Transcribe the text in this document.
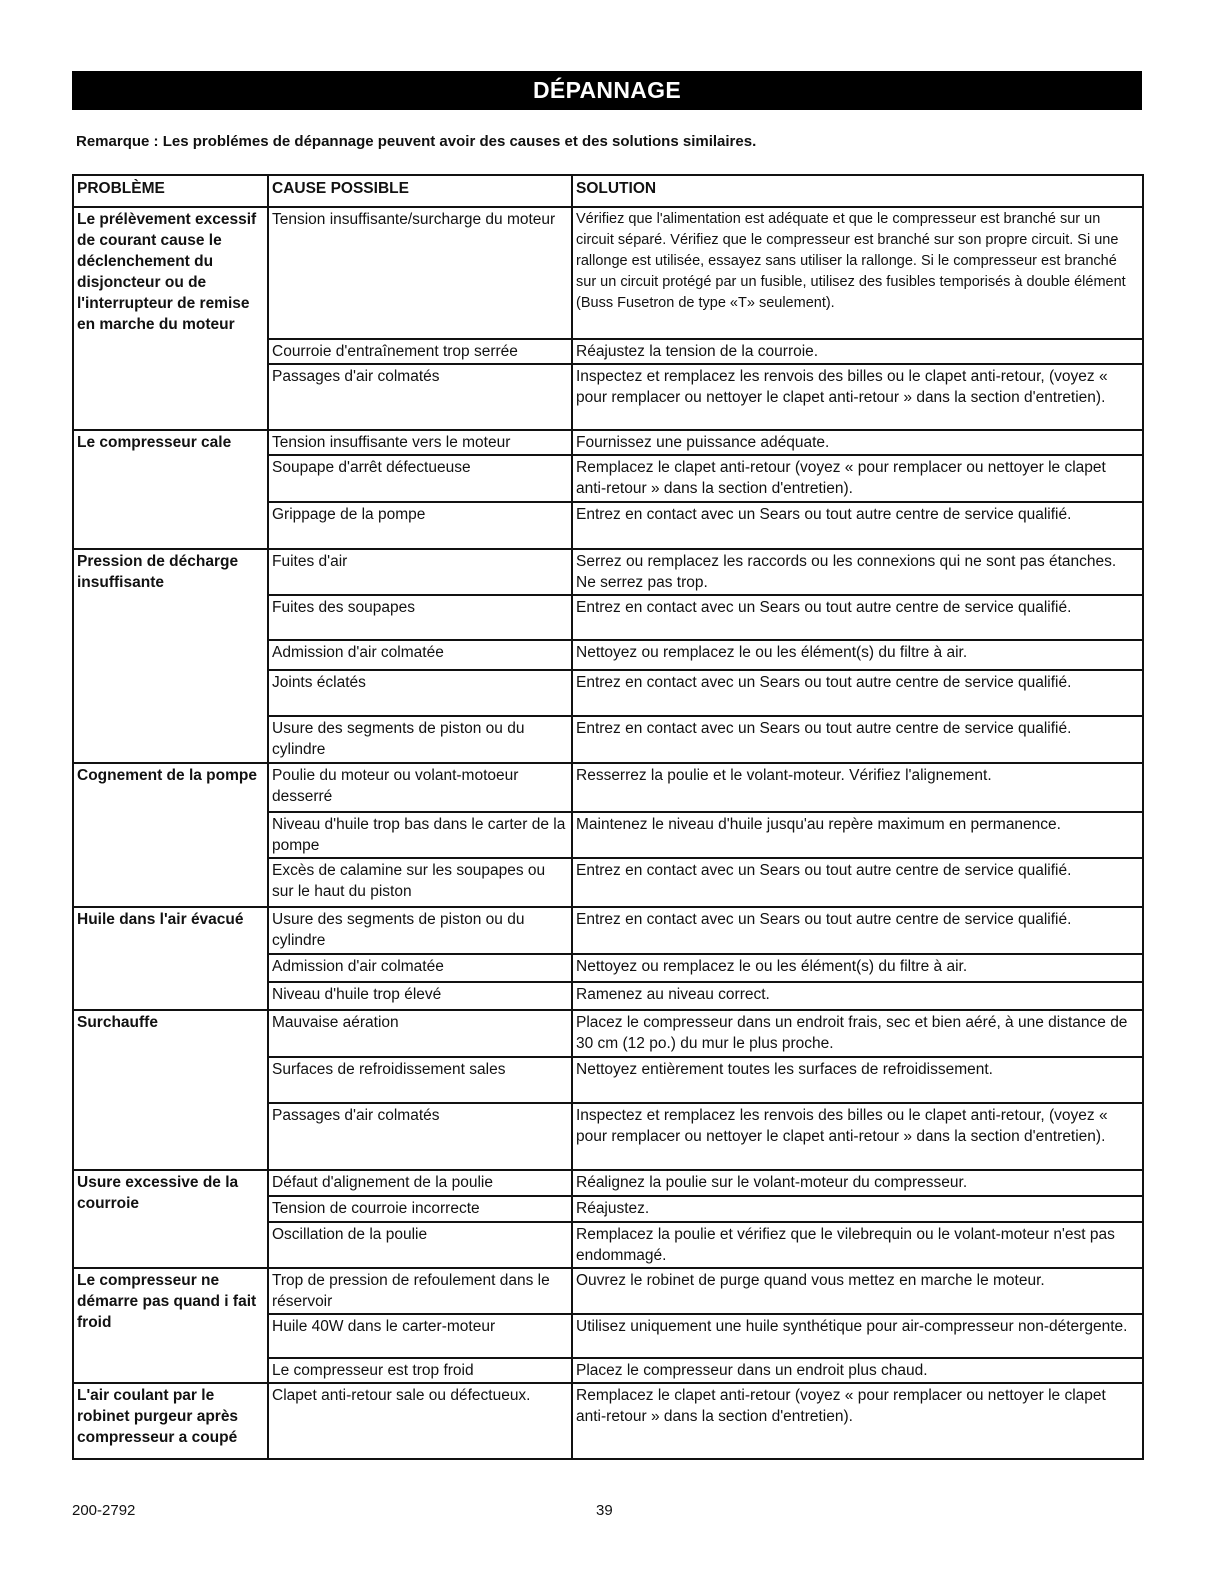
DÉPANNAGE
Remarque : Les problémes de dépannage peuvent avoir des causes et des solutions similaires.
PROBLÈME	CAUSE POSSIBLE	SOLUTION
Le prélèvement excessif de courant cause le déclenchement du disjoncteur ou de l'interrupteur de remise en marche du moteur	Tension insuffisante/surcharge du moteur	Vérifiez que l'alimentation est adéquate et que le compresseur est branché sur un circuit séparé. Vérifiez que le compresseur est branché sur son propre circuit. Si une rallonge est utilisée, essayez sans utiliser la rallonge. Si le compresseur est branché sur un circuit protégé par un fusible, utilisez des fusibles temporisés à double élément (Buss Fusetron de type «T» seulement).
	Courroie d'entraînement trop serrée	Réajustez la tension de la courroie.
	Passages d'air colmatés	Inspectez et remplacez les renvois des billes ou le clapet anti-retour, (voyez « pour remplacer ou nettoyer le clapet anti-retour » dans la section d'entretien).
Le compresseur cale	Tension insuffisante vers le moteur	Fournissez une puissance adéquate.
	Soupape d'arrêt défectueuse	Remplacez le clapet anti-retour (voyez « pour remplacer ou nettoyer le clapet anti-retour » dans la section d'entretien).
	Grippage de la pompe	Entrez en contact avec un Sears ou tout autre centre de service qualifié.
Pression de décharge insuffisante	Fuites d'air	Serrez ou remplacez les raccords ou les connexions qui ne sont pas étanches. Ne serrez pas trop.
	Fuites des soupapes	Entrez en contact avec un Sears ou tout autre centre de service qualifié.
	Admission d'air colmatée	Nettoyez ou remplacez le ou les élément(s) du filtre à air.
	Joints éclatés	Entrez en contact avec un Sears ou tout autre centre de service qualifié.
	Usure des segments de piston ou du cylindre	Entrez en contact avec un Sears ou tout autre centre de service qualifié.
Cognement de la pompe	Poulie du moteur ou volant-motoeur desserré	Resserrez la poulie et le volant-moteur. Vérifiez l'alignement.
	Niveau d'huile trop bas dans le carter de la pompe	Maintenez le niveau d'huile jusqu'au repère maximum en permanence.
	Excès de calamine sur les soupapes ou sur le haut du piston	Entrez en contact avec un Sears ou tout autre centre de service qualifié.
Huile dans l'air évacué	Usure des segments de piston ou du cylindre	Entrez en contact avec un Sears ou tout autre centre de service qualifié.
	Admission d'air colmatée	Nettoyez ou remplacez le ou les élément(s) du filtre à air.
	Niveau d'huile trop élevé	Ramenez au niveau correct.
Surchauffe	Mauvaise aération	Placez le compresseur dans un endroit frais, sec et bien aéré, à une distance de 30 cm (12 po.) du mur le plus proche.
	Surfaces de refroidissement sales	Nettoyez entièrement toutes les surfaces de refroidissement.
	Passages d'air colmatés	Inspectez et remplacez les renvois des billes ou le clapet anti-retour, (voyez « pour remplacer ou nettoyer le clapet anti-retour » dans la section d'entretien).
Usure excessive de la courroie	Défaut d'alignement de la poulie	Réalignez la poulie sur le volant-moteur du compresseur.
	Tension de courroie incorrecte	Réajustez.
	Oscillation de la poulie	Remplacez la poulie et vérifiez que le vilebrequin ou le volant-moteur n'est pas endommagé.
Le compresseur ne démarre pas quand i fait froid	Trop de pression de refoulement dans le réservoir	Ouvrez le robinet de purge quand vous mettez en marche le moteur.
	Huile 40W dans le carter-moteur	Utilisez uniquement une huile synthétique pour air-compresseur non-détergente.
	Le compresseur est trop froid	Placez le compresseur dans un endroit plus chaud.
L'air coulant par le robinet purgeur après compresseur a coupé	Clapet anti-retour sale ou défectueux.	Remplacez le clapet anti-retour (voyez « pour remplacer ou nettoyer le clapet anti-retour » dans la section d'entretien).
200-2792	39
